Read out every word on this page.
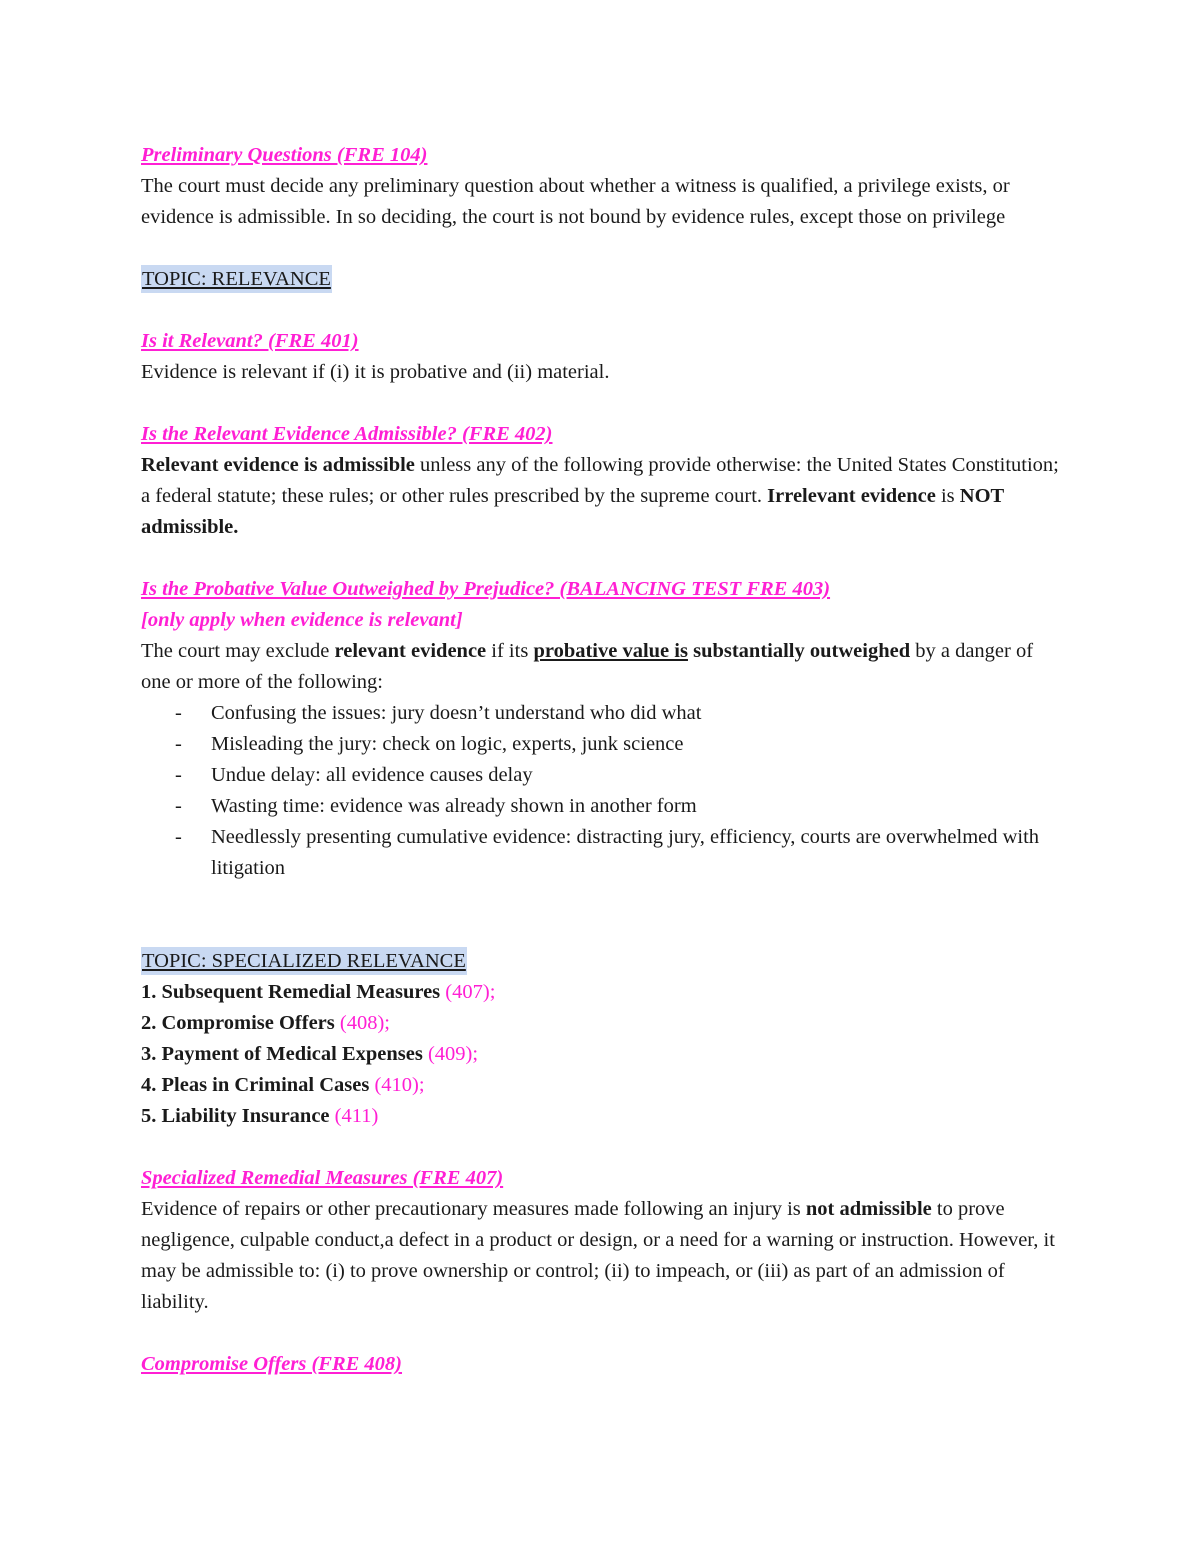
Preliminary Questions (FRE 104)

The court must decide any preliminary question about whether a witness is qualified, a privilege exists, or evidence is admissible. In so deciding, the court is not bound by evidence rules, except those on privilege

TOPIC: RELEVANCE

Is it Relevant? (FRE 401)

Evidence is relevant if (i) it is probative and (ii) material.

Is the Relevant Evidence Admissible? (FRE 402)

Relevant evidence is admissible unless any of the following provide otherwise: the United States Constitution; a federal statute; these rules; or other rules prescribed by the supreme court. Irrelevant evidence is NOT admissible.

Is the Probative Value Outweighed by Prejudice? (BALANCING TEST FRE 403)

[only apply when evidence is relevant]

The court may exclude relevant evidence if its probative value is substantially outweighed by a danger of one or more of the following:

- Confusing the issues: jury doesn’t understand who did what
- Misleading the jury: check on logic, experts, junk science
- Undue delay: all evidence causes delay
- Wasting time: evidence was already shown in another form
- Needlessly presenting cumulative evidence: distracting jury, efficiency, courts are overwhelmed with litigation

TOPIC: SPECIALIZED RELEVANCE

1. Subsequent Remedial Measures (407);
2. Compromise Offers (408);
3. Payment of Medical Expenses (409);
4. Pleas in Criminal Cases (410);
5. Liability Insurance (411)

Specialized Remedial Measures (FRE 407)

Evidence of repairs or other precautionary measures made following an injury is not admissible to prove negligence, culpable conduct,a defect in a product or design, or a need for a warning or instruction. However, it may be admissible to: (i) to prove ownership or control; (ii) to impeach, or (iii) as part of an admission of liability.

Compromise Offers (FRE 408)
